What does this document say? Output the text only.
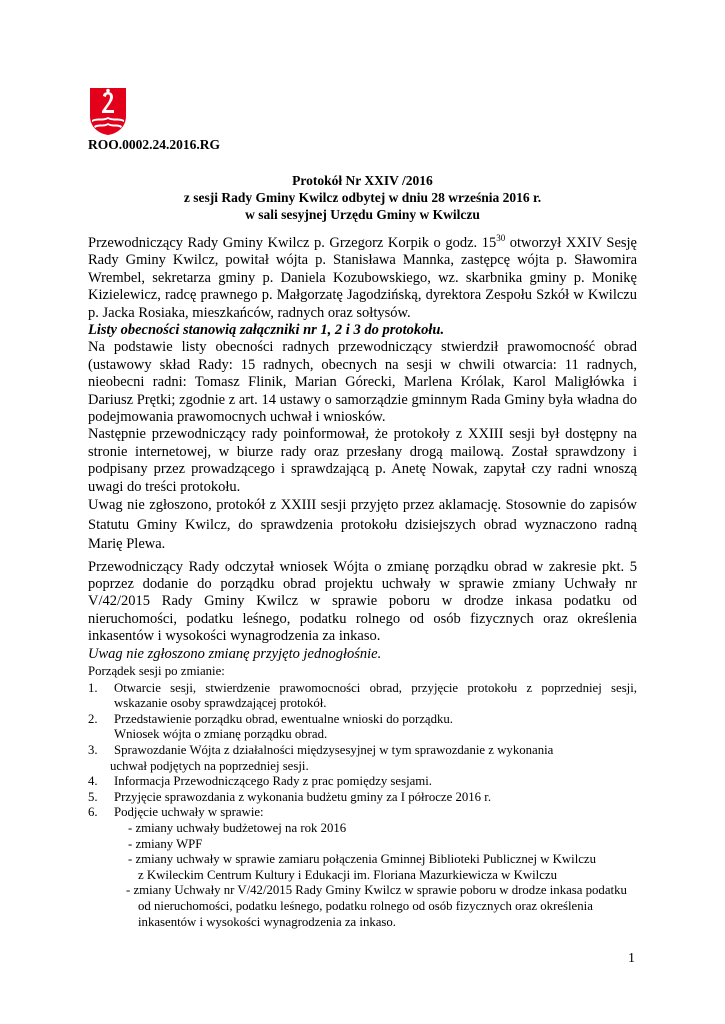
ROO.0002.24.2016.RG
Protokół Nr XXIV /2016
z sesji Rady Gminy Kwilcz odbytej w dniu 28 września 2016 r.
w sali sesyjnej Urzędu Gminy w Kwilczu

Przewodniczący Rady Gminy Kwilcz p. Grzegorz Korpik o godz. $15^{30}$ otworzył XXIV Sesję Rady Gminy Kwilcz, powitał wójta p. Stanisława Mannka, zastępcę wójta p. Sławomira Wrembel, sekretarza gminy p. Daniela Kozubowskiego, wz. skarbnika gminy p. Monikę Kizielewicz, radcę prawnego p. Małgorzatę Jagodzińską, dyrektora Zespołu Szkół w Kwilczu p. Jacka Rosiaka, mieszkańców, radnych oraz sołtysów.

Listy obecności stanowią załączniki nr 1, 2 i 3 do protokołu.

Na podstawie listy obecności radnych przewodniczący stwierdził prawomocność obrad (ustawowy skład Rady: 15 radnych, obecnych na sesji w chwili otwarcia: 11 radnych, nieobecni radni: Tomasz Flinik, Marian Górecki, Marlena Królak, Karol Maligłówka i Dariusz Prętki; zgodnie z art. 14 ustawy o samorządzie gminnym Rada Gminy była władna do podejmowania prawomocnych uchwał i wniosków.

Następnie przewodniczący rady poinformował, że protokoły z XXIII sesji był dostępny na stronie internetowej, w biurze rady oraz przesłany drogą mailową. Został sprawdzony i podpisany przez prowadzącego i sprawdzającą p. Anetę Nowak, zapytał czy radni wnoszą uwagi do treści protokołu.

Uwag nie zgłoszono, protokół z XXIII sesji przyjęto przez aklamację. Stosownie do zapisów Statutu Gminy Kwilcz, do sprawdzenia protokołu dzisiejszych obrad wyznaczono radną Marię Plewa.

Przewodniczący Rady odczytał wniosek Wójta o zmianę porządku obrad w zakresie pkt. 5 poprzez dodanie do porządku obrad projektu uchwały w sprawie zmiany Uchwały nr V/42/2015 Rady Gminy Kwilcz w sprawie poboru w drodze inkasa podatku od nieruchomości, podatku leśnego, podatku rolnego od osób fizycznych oraz określenia inkasentów i wysokości wynagrodzenia za inkaso.

Uwag nie zgłoszono zmianę przyjęto jednogłośnie.

Porządek sesji po zmianie:

1. Otwarcie sesji, stwierdzenie prawomocności obrad, przyjęcie protokołu z poprzedniej sesji, wskazanie osoby sprawdzającej protokół.
2. Przedstawienie porządku obrad, ewentualne wnioski do porządku.
Wniosek wójta o zmianę porządku obrad.
3. Sprawozdanie Wójta z działalności międzysesyjnej w tym sprawozdanie z wykonania
uchwał podjętych na poprzedniej sesji.
4. Informacja Przewodniczącego Rady z prac pomiędzy sesjami.
5. Przyjęcie sprawozdania z wykonania budżetu gminy za I półrocze 2016 r.
6. Podjęcie uchwały w sprawie:
- zmiany uchwały budżetowej na rok 2016
- zmiany WPF
- zmiany uchwały w sprawie zamiaru połączenia Gminnej Biblioteki Publicznej w Kwilczu
z Kwileckim Centrum Kultury i Edukacji im. Floriana Mazurkiewicza w Kwilczu
- zmiany Uchwały nr V/42/2015 Rady Gminy Kwilcz w sprawie poboru w drodze inkasa podatku
od nieruchomości, podatku leśnego, podatku rolnego od osób fizycznych oraz określenia
inkasentów i wysokości wynagrodzenia za inkaso.
1
